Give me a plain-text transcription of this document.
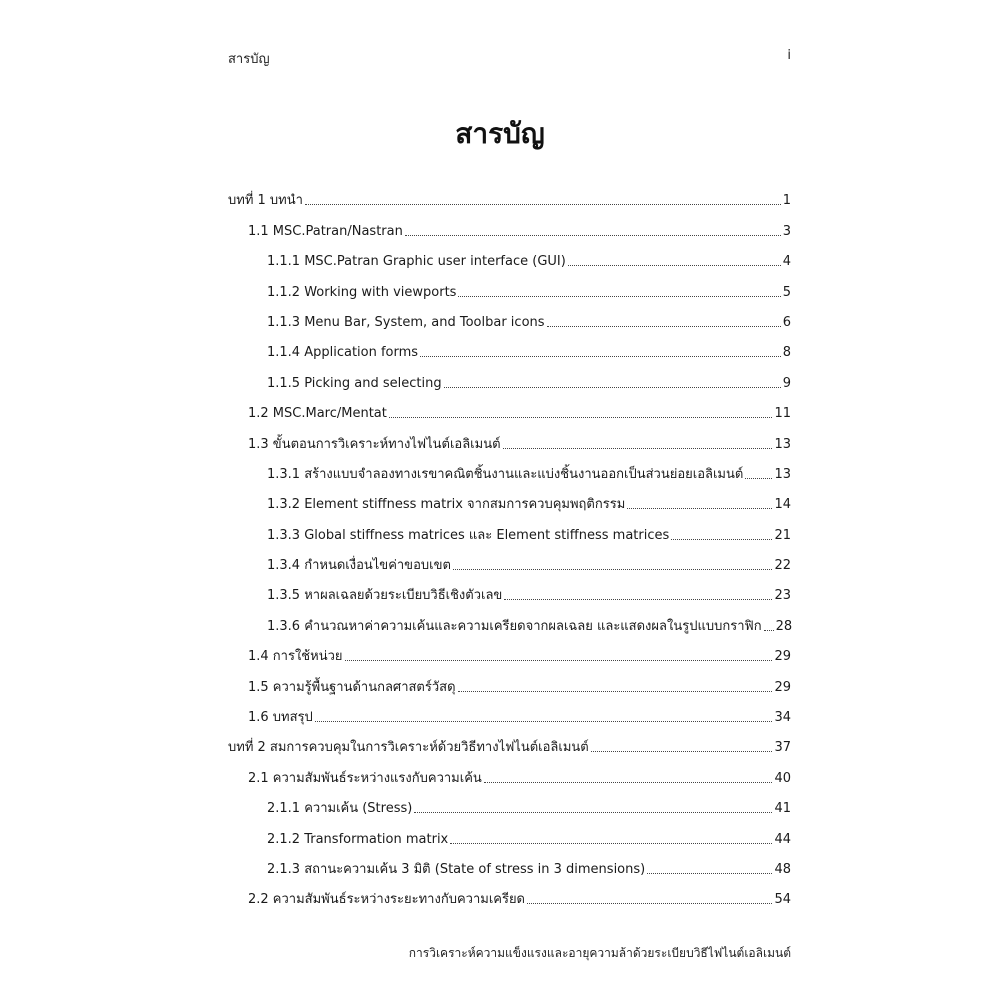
สารบัญ	i
สารบัญ
บทที่ 1 บทนำ	1
1.1 MSC.Patran/Nastran	3
1.1.1 MSC.Patran Graphic user interface (GUI)	4
1.1.2 Working with viewports	5
1.1.3 Menu Bar, System, and Toolbar icons	6
1.1.4 Application forms	8
1.1.5 Picking and selecting	9
1.2 MSC.Marc/Mentat	11
1.3 ขั้นตอนการวิเคราะห์ทางไฟไนต์เอลิเมนต์	13
1.3.1 สร้างแบบจำลองทางเรขาคณิตชิ้นงานและแบ่งชิ้นงานออกเป็นส่วนย่อยเอลิเมนต์ 13
1.3.2 Element stiffness matrix จากสมการควบคุมพฤติกรรม	14
1.3.3 Global stiffness matrices และ Element stiffness matrices	21
1.3.4 กำหนดเงื่อนไขค่าขอบเขต	22
1.3.5 หาผลเฉลยด้วยระเบียบวิธีเชิงตัวเลข	23
1.3.6 คำนวณหาค่าความเค้นและความเครียดจากผลเฉลย และแสดงผลในรูปแบบกราฟิก 28
1.4 การใช้หน่วย	29
1.5 ความรู้พื้นฐานด้านกลศาสตร์วัสดุ	29
1.6 บทสรุป	34
บทที่ 2 สมการควบคุมในการวิเคราะห์ด้วยวิธีทางไฟไนต์เอลิเมนต์	37
2.1 ความสัมพันธ์ระหว่างแรงกับความเค้น	40
2.1.1 ความเค้น (Stress)	41
2.1.2 Transformation matrix	44
2.1.3 สถานะความเค้น 3 มิติ (State of stress in 3 dimensions)	48
2.2 ความสัมพันธ์ระหว่างระยะทางกับความเครียด	54
การวิเคราะห์ความแข็งแรงและอายุความล้าด้วยระเบียบวิธีไฟไนต์เอลิเมนต์
